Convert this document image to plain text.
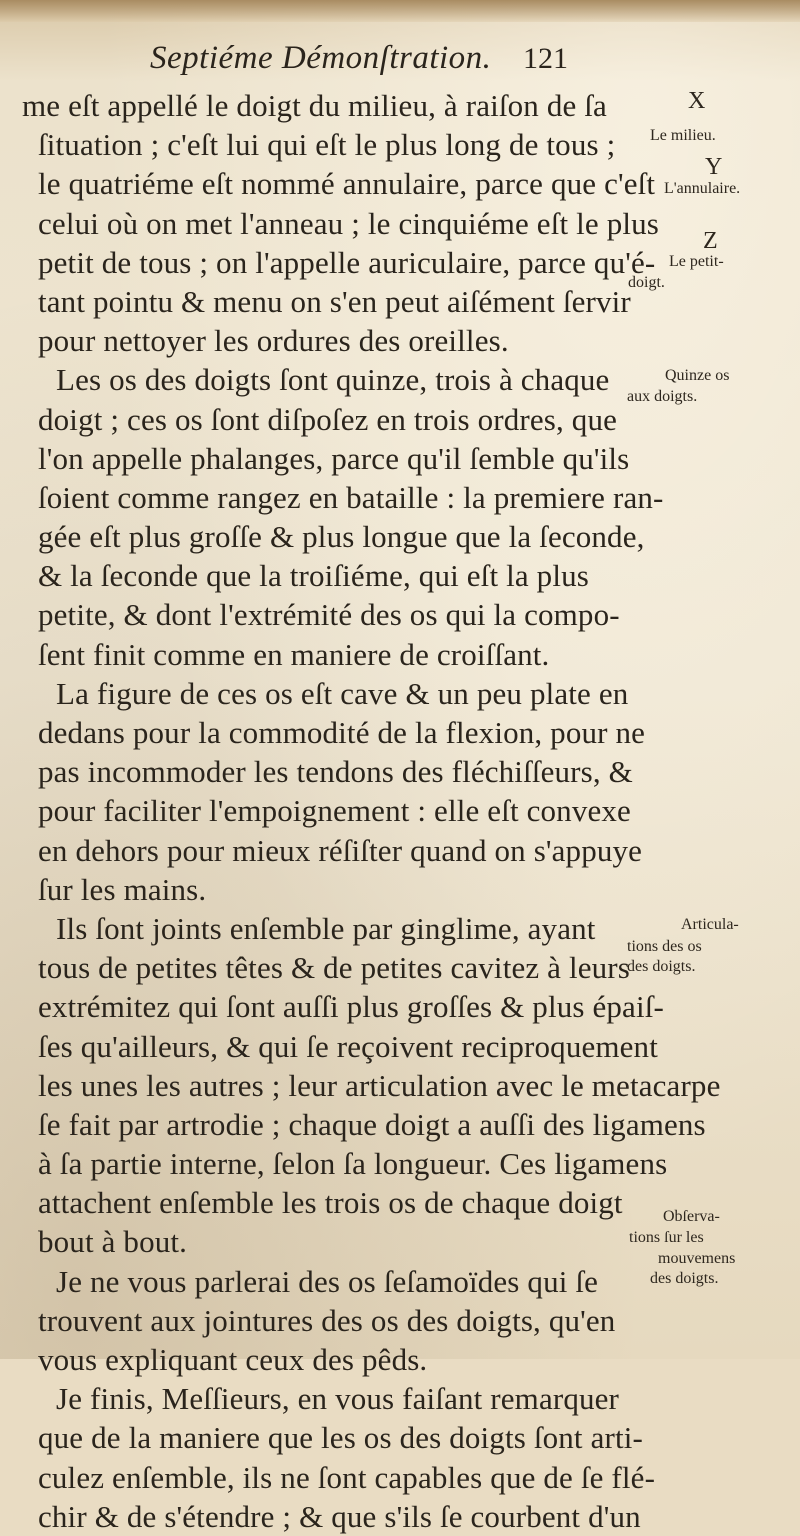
Septiéme Démonſtration. 121
me eſt appellé le doigt du milieu, à raiſon de ſa
ſituation ; c'eſt lui qui eſt le plus long de tous ;
le quatriéme eſt nommé annulaire, parce que c'eſt
celui où on met l'anneau ; le cinquiéme eſt le plus
petit de tous ; on l'appelle auriculaire, parce qu'é-
tant pointu & menu on s'en peut aiſément ſervir
pour nettoyer les ordures des oreilles.
Les os des doigts ſont quinze, trois à chaque
doigt ; ces os ſont diſpoſez en trois ordres, que
l'on appelle phalanges, parce qu'il ſemble qu'ils
ſoient comme rangez en bataille : la premiere ran-
gée eſt plus groſſe & plus longue que la ſeconde,
& la ſeconde que la troiſiéme, qui eſt la plus
petite, & dont l'extrémité des os qui la compo-
ſent finit comme en maniere de croiſſant.
La figure de ces os eſt cave & un peu plate en
dedans pour la commodité de la flexion, pour ne
pas incommoder les tendons des fléchiſſeurs, &
pour faciliter l'empoignement : elle eſt convexe
en dehors pour mieux réſiſter quand on s'appuye
ſur les mains.
Ils ſont joints enſemble par ginglime, ayant
tous de petites têtes & de petites cavitez à leurs
extrémitez qui ſont auſſi plus groſſes & plus épaiſ-
ſes qu'ailleurs, & qui ſe reçoivent reciproquement
les unes les autres ; leur articulation avec le metacarpe
ſe fait par artrodie ; chaque doigt a auſſi des ligamens
à ſa partie interne, ſelon ſa longueur. Ces ligamens
attachent enſemble les trois os de chaque doigt
bout à bout.
Je ne vous parlerai des os ſeſamoïdes qui ſe
trouvent aux jointures des os des doigts, qu'en
vous expliquant ceux des pêds.
Je finis, Meſſieurs, en vous faiſant remarquer
que de la maniere que les os des doigts ſont arti-
culez enſemble, ils ne ſont capables que de ſe flé-
chir & de s'étendre ; & que s'ils ſe courbent d'un
X
Le milieu.
Y
L'annulaire.
Z
Le petit-
doigt.
Quinze os
aux doigts.
Articula-
tions des os
des doigts.
Obſerva-
tions ſur les
mouvemens
des doigts.
